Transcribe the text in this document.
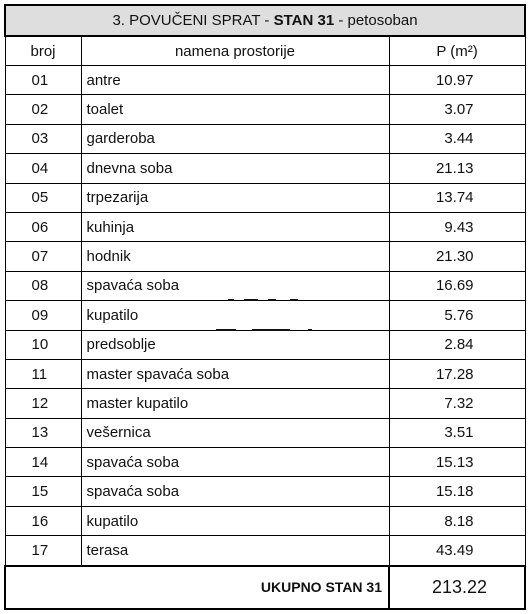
3. POVUČENI SPRAT - STAN 31 - petosoban		
broj	namena prostorije	P (m²)
01	antre	10.97
02	toalet	3.07
03	garderoba	3.44
04	dnevna soba	21.13
05	trpezarija	13.74
06	kuhinja	9.43
07	hodnik	21.30
08	spavaća soba	16.69
09	kupatilo	5.76
10	predsoblje	2.84
11	master spavaća soba	17.28
12	master kupatilo	7.32
13	vešernica	3.51
14	spavaća soba	15.13
15	spavaća soba	15.18
16	kupatilo	8.18
17	terasa	43.49
UKUPNO STAN 31		213.22
